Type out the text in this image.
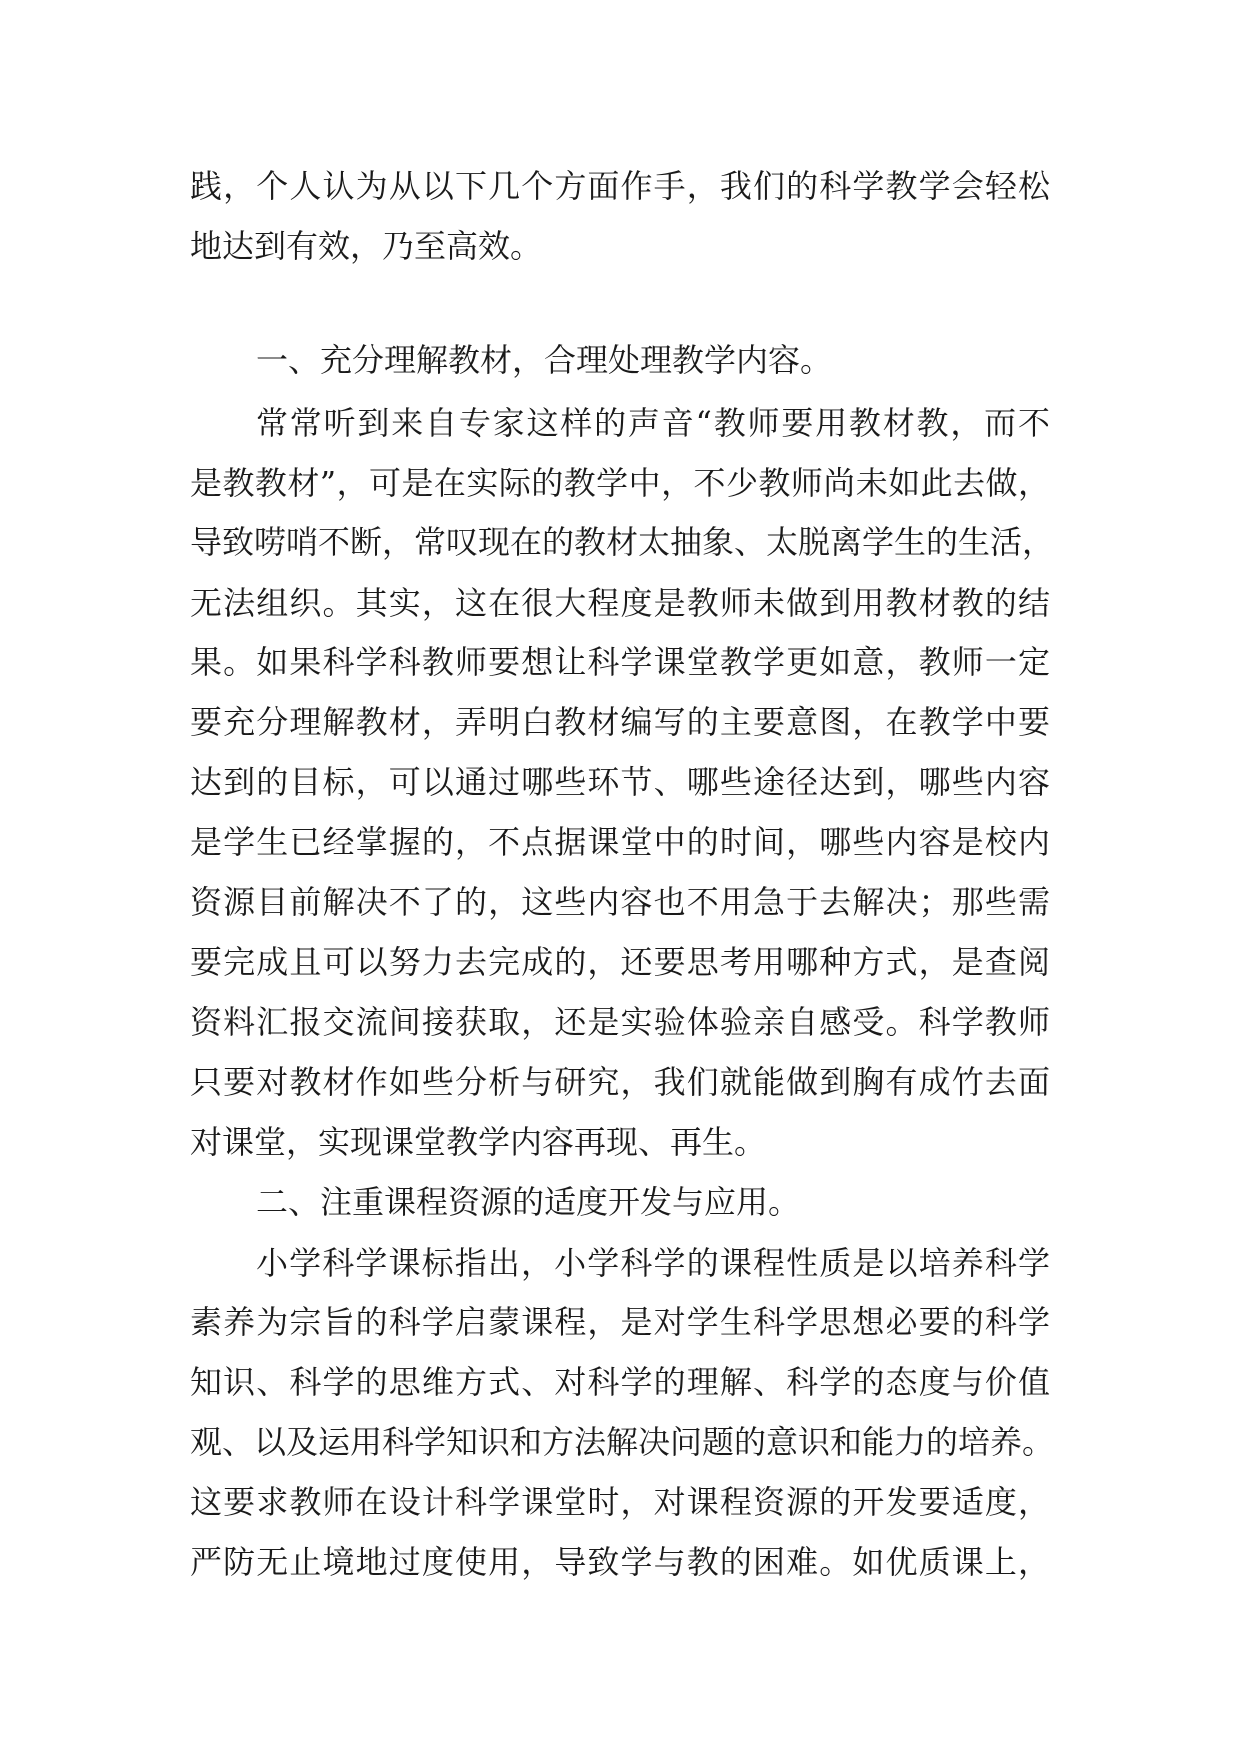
践，个人认为从以下几个方面作手，我们的科学教学会轻松

地达到有效，乃至高效。

一、充分理解教材，合理处理教学内容。

常常听到来自专家这样的声音“教师要用教材教，而不

是教教材”，可是在实际的教学中，不少教师尚未如此去做，

导致唠哨不断，常叹现在的教材太抽象、太脱离学生的生活，

无法组织。其实，这在很大程度是教师未做到用教材教的结

果。如果科学科教师要想让科学课堂教学更如意，教师一定

要充分理解教材，弄明白教材编写的主要意图，在教学中要

达到的目标，可以通过哪些环节、哪些途径达到，哪些内容

是学生已经掌握的，不点据课堂中的时间，哪些内容是校内

资源目前解决不了的，这些内容也不用急于去解决；那些需

要完成且可以努力去完成的，还要思考用哪种方式，是查阅

资料汇报交流间接获取，还是实验体验亲自感受。科学教师

只要对教材作如些分析与研究，我们就能做到胸有成竹去面

对课堂，实现课堂教学内容再现、再生。

二、注重课程资源的适度开发与应用。

小学科学课标指出，小学科学的课程性质是以培养科学

素养为宗旨的科学启蒙课程，是对学生科学思想必要的科学

知识、科学的思维方式、对科学的理解、科学的态度与价值

观、以及运用科学知识和方法解决问题的意识和能力的培养。

这要求教师在设计科学课堂时，对课程资源的开发要适度，

严防无止境地过度使用，导致学与教的困难。如优质课上，
